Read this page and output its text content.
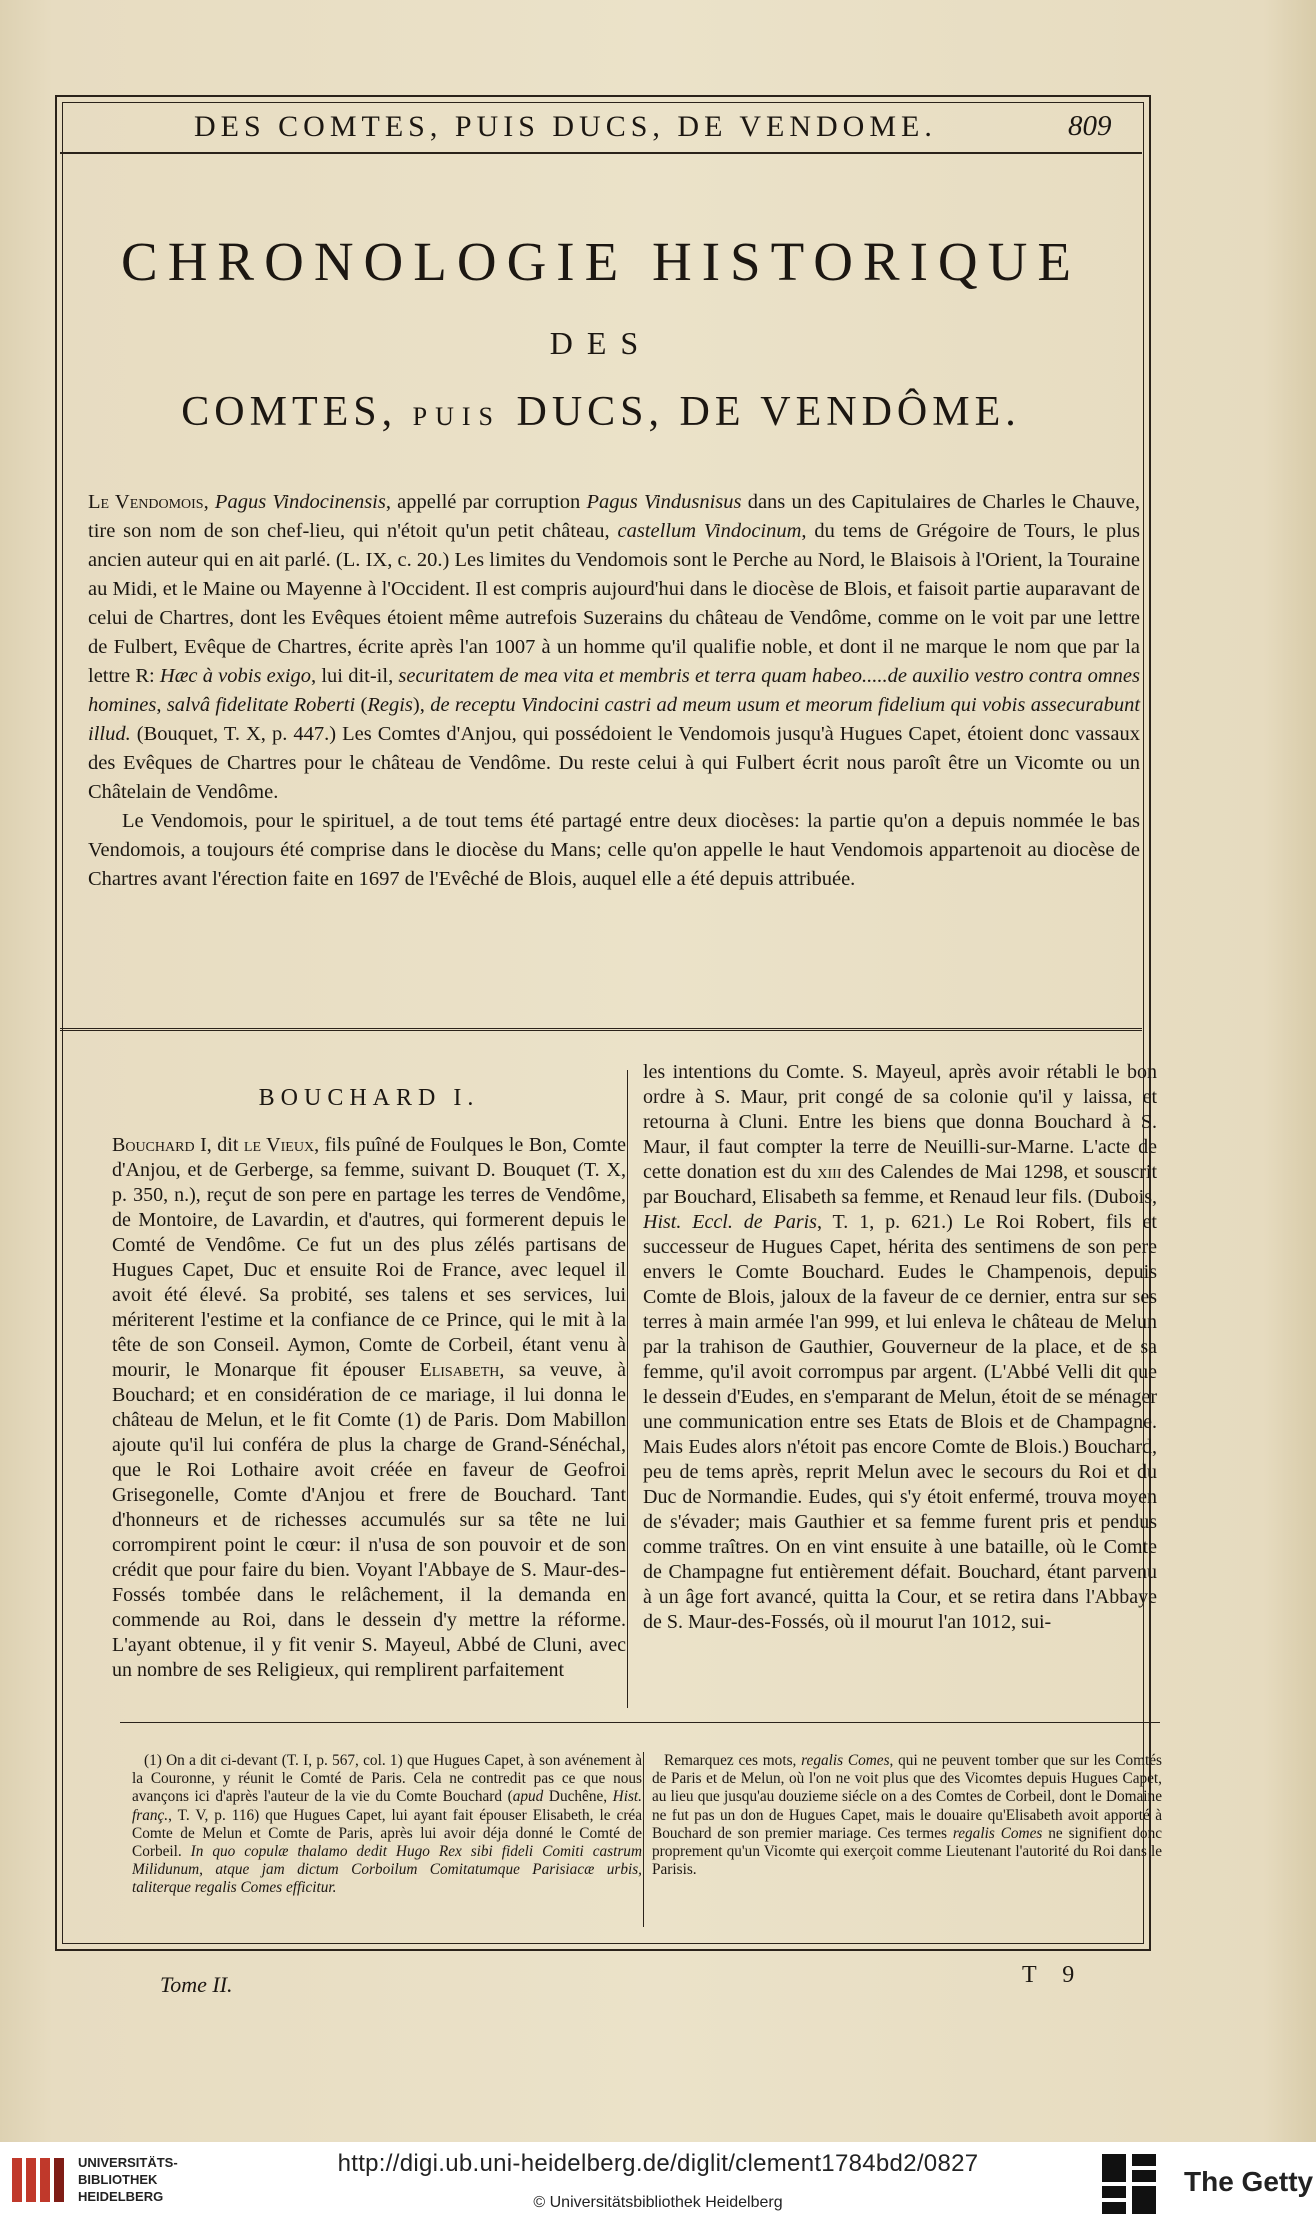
DES COMTES, PUIS DUCS, DE VENDOME.	809
CHRONOLOGIE HISTORIQUE
DES
COMTES, PUIS DUCS, DE VENDÔME.

Le Vendomois, Pagus Vindocinensis, appellé par corruption Pagus Vindusnisus dans un des Capitulaires de Charles le Chauve, tire son nom de son chef-lieu, qui n'étoit qu'un petit château, castellum Vindocinum, du tems de Grégoire de Tours, le plus ancien auteur qui en ait parlé. (L. IX, c. 20.) Les limites du Vendomois sont le Perche au Nord, le Blaisois à l'Orient, la Touraine au Midi, et le Maine ou Mayenne à l'Occident. Il est compris aujourd'hui dans le diocèse de Blois, et faisoit partie auparavant de celui de Chartres, dont les Evêques étoient même autrefois Suzerains du château de Vendôme, comme on le voit par une lettre de Fulbert, Evêque de Chartres, écrite après l'an 1007 à un homme qu'il qualifie noble, et dont il ne marque le nom que par la lettre R: Hæc à vobis exigo, lui dit-il, securitatem de mea vita et membris et terra quam habeo.....de auxilio vestro contra omnes homines, salvâ fidelitate Roberti (Regis), de receptu Vindocini castri ad meum usum et meorum fidelium qui vobis assecurabunt illud. (Bouquet, T. X, p. 447.) Les Comtes d'Anjou, qui possédoient le Vendomois jusqu'à Hugues Capet, étoient donc vassaux des Evêques de Chartres pour le château de Vendôme. Du reste celui à qui Fulbert écrit nous paroît être un Vicomte ou un Châtelain de Vendôme.

Le Vendomois, pour le spirituel, a de tout tems été partagé entre deux diocèses: la partie qu'on a depuis nommée le bas Vendomois, a toujours été comprise dans le diocèse du Mans; celle qu'on appelle le haut Vendomois appartenoit au diocèse de Chartres avant l'érection faite en 1697 de l'Evêché de Blois, auquel elle a été depuis attribuée.

BOUCHARD I.

Bouchard I, dit le Vieux, fils puîné de Foulques le Bon, Comte d'Anjou, et de Gerberge, sa femme, suivant D. Bouquet (T. X, p. 350, n.), reçut de son pere en partage les terres de Vendôme, de Montoire, de Lavardin, et d'autres, qui formerent depuis le Comté de Vendôme. Ce fut un des plus zélés partisans de Hugues Capet, Duc et ensuite Roi de France, avec lequel il avoit été élevé. Sa probité, ses talens et ses services, lui mériterent l'estime et la confiance de ce Prince, qui le mit à la tête de son Conseil. Aymon, Comte de Corbeil, étant venu à mourir, le Monarque fit épouser Elisabeth, sa veuve, à Bouchard; et en considération de ce mariage, il lui donna le château de Melun, et le fit Comte (1) de Paris. Dom Mabillon ajoute qu'il lui conféra de plus la charge de Grand-Sénéchal, que le Roi Lothaire avoit créée en faveur de Geofroi Grisegonelle, Comte d'Anjou et frere de Bouchard. Tant d'honneurs et de richesses accumulés sur sa tête ne lui corrompirent point le cœur: il n'usa de son pouvoir et de son crédit que pour faire du bien. Voyant l'Abbaye de S. Maur-des-Fossés tombée dans le relâchement, il la demanda en commende au Roi, dans le dessein d'y mettre la réforme. L'ayant obtenue, il y fit venir S. Mayeul, Abbé de Cluni, avec un nombre de ses Religieux, qui remplirent parfaitement

les intentions du Comte. S. Mayeul, après avoir rétabli le bon ordre à S. Maur, prit congé de sa colonie qu'il y laissa, et retourna à Cluni. Entre les biens que donna Bouchard à S. Maur, il faut compter la terre de Neuilli-sur-Marne. L'acte de cette donation est du xiii des Calendes de Mai 1298, et souscrit par Bouchard, Elisabeth sa femme, et Renaud leur fils. (Dubois, Hist. Eccl. de Paris, T. 1, p. 621.) Le Roi Robert, fils et successeur de Hugues Capet, hérita des sentimens de son pere envers le Comte Bouchard. Eudes le Champenois, depuis Comte de Blois, jaloux de la faveur de ce dernier, entra sur ses terres à main armée l'an 999, et lui enleva le château de Melun par la trahison de Gauthier, Gouverneur de la place, et de sa femme, qu'il avoit corrompus par argent. (L'Abbé Velli dit que le dessein d'Eudes, en s'emparant de Melun, étoit de se ménager une communication entre ses Etats de Blois et de Champagne. Mais Eudes alors n'étoit pas encore Comte de Blois.) Bouchard, peu de tems après, reprit Melun avec le secours du Roi et du Duc de Normandie. Eudes, qui s'y étoit enfermé, trouva moyen de s'évader; mais Gauthier et sa femme furent pris et pendus comme traîtres. On en vint ensuite à une bataille, où le Comte de Champagne fut entièrement défait. Bouchard, étant parvenu à un âge fort avancé, quitta la Cour, et se retira dans l'Abbaye de S. Maur-des-Fossés, où il mourut l'an 1012, sui-

(1) On a dit ci-devant (T. I, p. 567, col. 1) que Hugues Capet, à son avénement à la Couronne, y réunit le Comté de Paris. Cela ne contredit pas ce que nous avançons ici d'après l'auteur de la vie du Comte Bouchard (apud Duchêne, Hist. franç., T. V, p. 116) que Hugues Capet, lui ayant fait épouser Elisabeth, le créa Comte de Melun et Comte de Paris, après lui avoir déja donné le Comté de Corbeil. In quo copulæ thalamo dedit Hugo Rex sibi fideli Comiti castrum Milidunum, atque jam dictum Corboilum Comitatumque Parisiacæ urbis, taliterque regalis Comes efficitur.

Remarquez ces mots, regalis Comes, qui ne peuvent tomber que sur les Comtés de Paris et de Melun, où l'on ne voit plus que des Vicomtes depuis Hugues Capet, au lieu que jusqu'au douzieme siécle on a des Comtes de Corbeil, dont le Domaine ne fut pas un don de Hugues Capet, mais le douaire qu'Elisabeth avoit apporté à Bouchard de son premier mariage. Ces termes regalis Comes ne signifient donc proprement qu'un Vicomte qui exerçoit comme Lieutenant l'autorité du Roi dans le Parisis.

Tome II.	T 9
UNIVERSITÄTS-
BIBLIOTHEK
HEIDELBERG
http://digi.ub.uni-heidelberg.de/diglit/clement1784bd2/0827
© Universitätsbibliothek Heidelberg
The Getty
